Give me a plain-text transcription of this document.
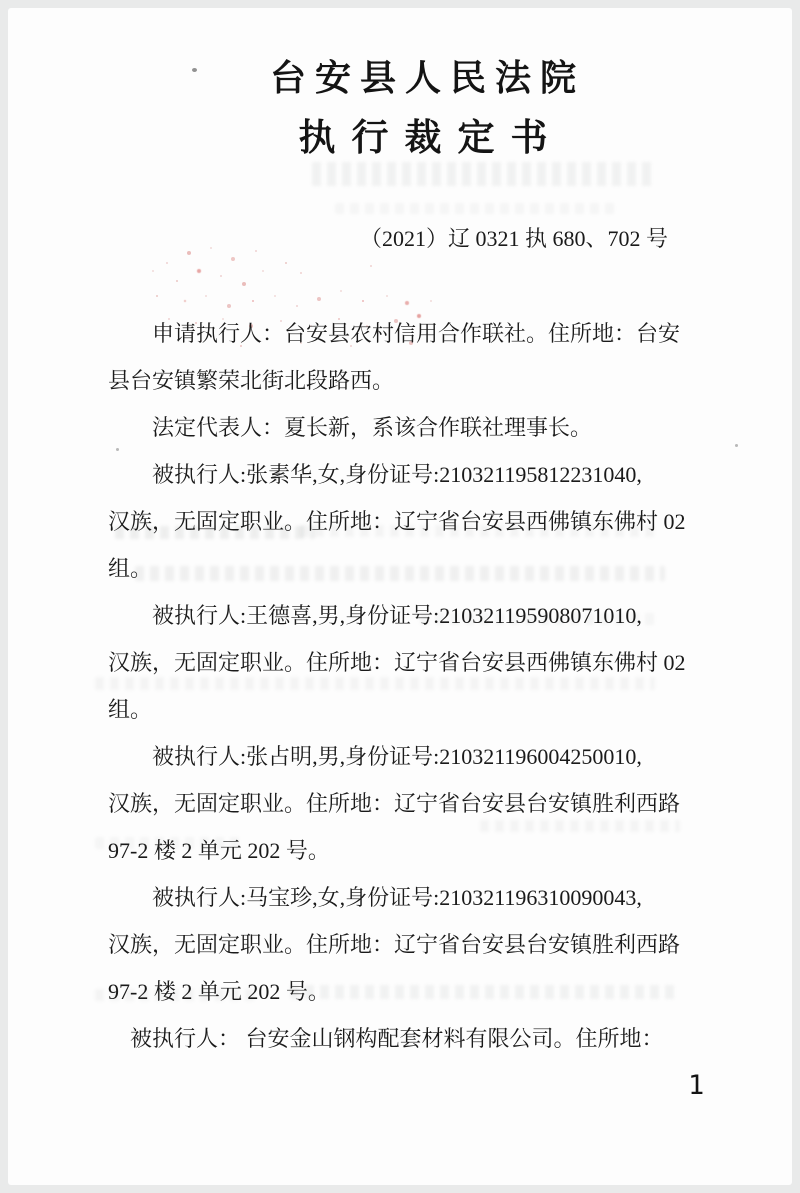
台安县人民法院
执行裁定书
（2021）辽 0321 执 680、702 号
申请执行人：台安县农村信用合作联社。住所地：台安
县台安镇繁荣北街北段路西。
法定代表人：夏长新，系该合作联社理事长。
被执行人:张素华,女,身份证号:210321195812231040,
汉族，无固定职业。住所地：辽宁省台安县西佛镇东佛村 02
组。
被执行人:王德喜,男,身份证号:210321195908071010,
汉族，无固定职业。住所地：辽宁省台安县西佛镇东佛村 02
组。
被执行人:张占明,男,身份证号:210321196004250010,
汉族，无固定职业。住所地：辽宁省台安县台安镇胜利西路
97-2 楼 2 单元 202 号。
被执行人:马宝珍,女,身份证号:210321196310090043,
汉族，无固定职业。住所地：辽宁省台安县台安镇胜利西路
97-2 楼 2 单元 202 号。
被执行人： 台安金山钢构配套材料有限公司。住所地：
1
